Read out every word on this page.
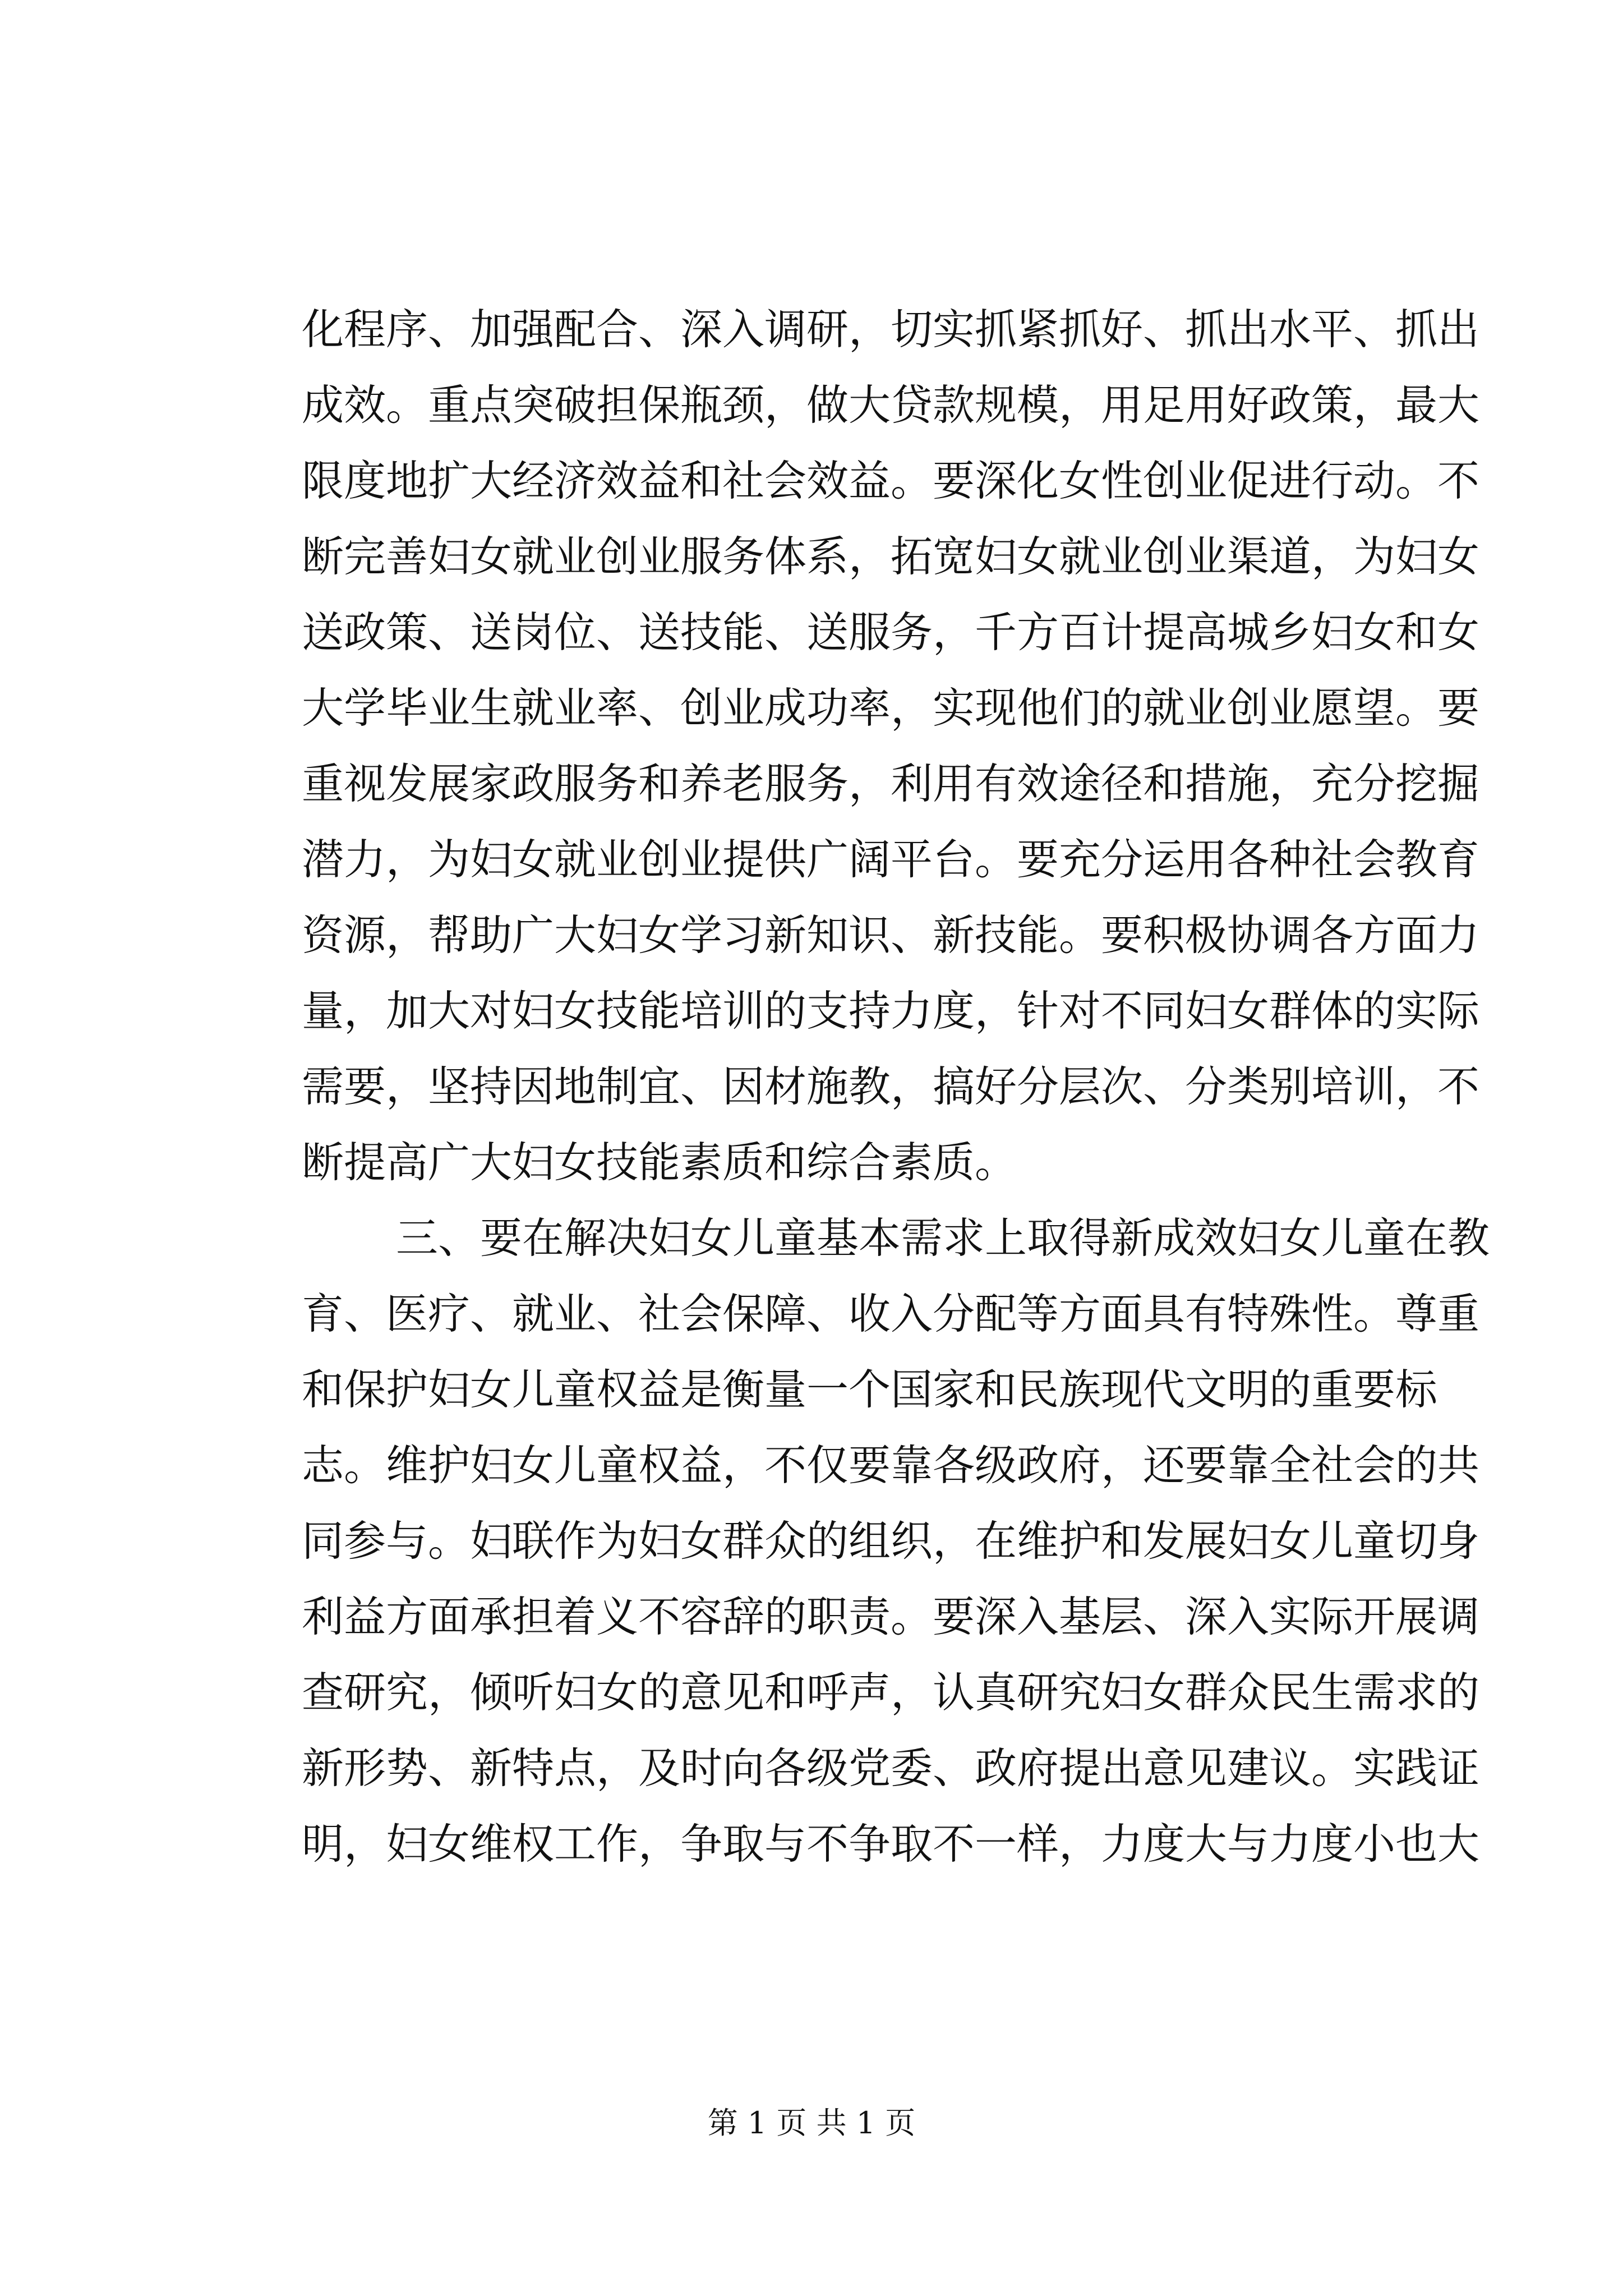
化程序、加强配合、深入调研，切实抓紧抓好、抓出水平、抓出
成效。重点突破担保瓶颈，做大贷款规模，用足用好政策，最大
限度地扩大经济效益和社会效益。要深化女性创业促进行动。不
断完善妇女就业创业服务体系，拓宽妇女就业创业渠道，为妇女
送政策、送岗位、送技能、送服务，千方百计提高城乡妇女和女
大学毕业生就业率、创业成功率，实现他们的就业创业愿望。要
重视发展家政服务和养老服务，利用有效途径和措施，充分挖掘
潜力，为妇女就业创业提供广阔平台。要充分运用各种社会教育
资源，帮助广大妇女学习新知识、新技能。要积极协调各方面力
量，加大对妇女技能培训的支持力度，针对不同妇女群体的实际
需要，坚持因地制宜、因材施教，搞好分层次、分类别培训，不
断提高广大妇女技能素质和综合素质。
三、要在解决妇女儿童基本需求上取得新成效妇女儿童在教
育、医疗、就业、社会保障、收入分配等方面具有特殊性。尊重
和保护妇女儿童权益是衡量一个国家和民族现代文明的重要标
志。维护妇女儿童权益，不仅要靠各级政府，还要靠全社会的共
同参与。妇联作为妇女群众的组织，在维护和发展妇女儿童切身
利益方面承担着义不容辞的职责。要深入基层、深入实际开展调
查研究，倾听妇女的意见和呼声，认真研究妇女群众民生需求的
新形势、新特点，及时向各级党委、政府提出意见建议。实践证
明，妇女维权工作，争取与不争取不一样，力度大与力度小也大
第 1 页 共 1 页
